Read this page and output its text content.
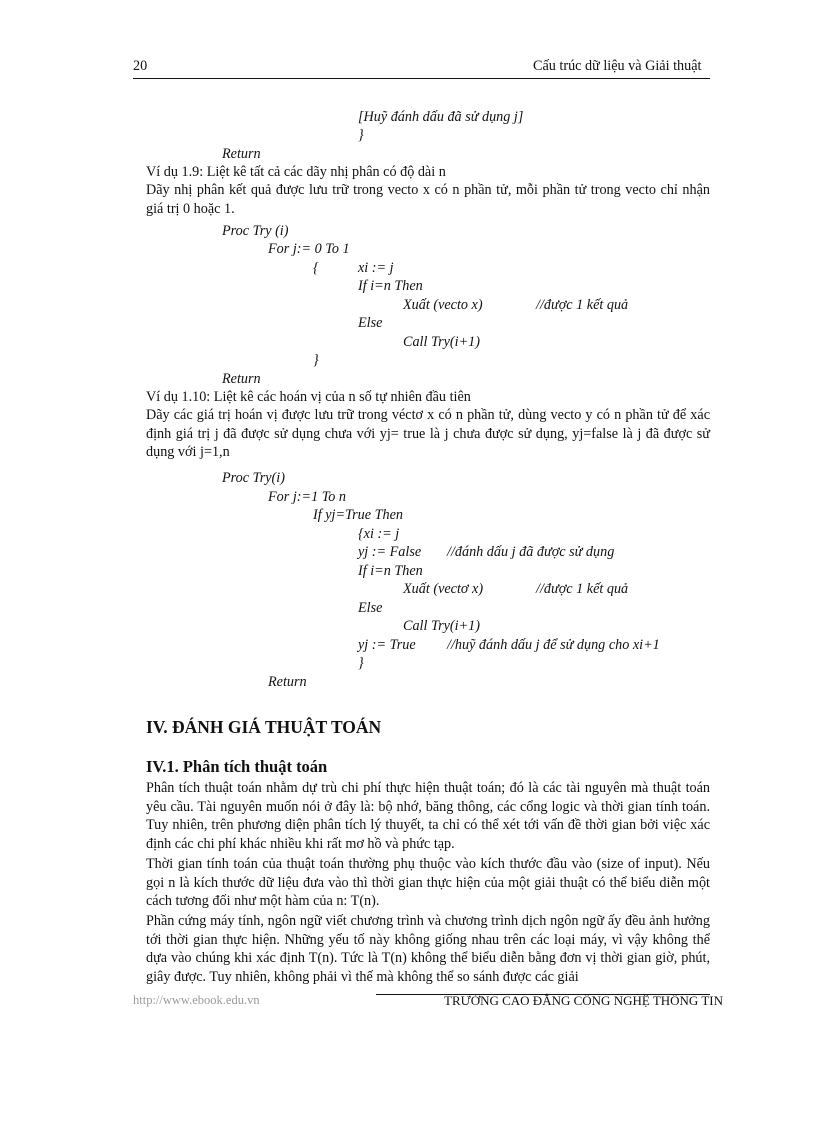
20	Cấu trúc dữ liệu và Giải thuật
[Huỹ đánh dấu đã sử dụng j]
}
Return
Ví dụ 1.9: Liệt kê tất cả các dãy nhị phân có độ dài n
Dãy nhị phân kết quả được lưu trữ trong vecto x có n phần tử, mỗi phần tử trong vecto chỉ nhận giá trị 0 hoặc 1.
Proc Try (i)
For j:= 0 To 1
{	xi := j
If i=n Then
Xuất (vecto x)	//được 1 kết quả
Else
Call Try(i+1)
}
Return
Ví dụ 1.10: Liệt kê các hoán vị của n số tự nhiên đầu tiên
Dãy các giá trị hoán vị được lưu trữ trong véctơ x có n phần tử, dùng vecto y có n phần tử để xác định giá trị j đã được sử dụng chưa với yj= true là j chưa được sử dụng, yj=false là j đã được sử dụng với j=1,n
Proc Try(i)
For j:=1 To n
If yj=True Then
{xi := j
yj := False //đánh dấu j đã được sử dụng
If i=n Then
Xuất (vectơ x)	//được 1 kết quả
Else
Call Try(i+1)
yj := True //huỹ đánh dấu j để sử dụng cho xi+1
}
Return
IV. ĐÁNH GIÁ THUẬT TOÁN
IV.1. Phân tích thuật toán
Phân tích thuật toán nhằm dự trù chi phí thực hiện thuật toán; đó là các tài nguyên mà thuật toán yêu cầu. Tài nguyên muốn nói ở đây là: bộ nhớ, băng thông, các cổng logic và thời gian tính toán. Tuy nhiên, trên phương diện phân tích lý thuyết, ta chỉ có thể xét tới vấn đề thời gian bởi việc xác định các chi phí khác nhiều khi rất mơ hồ và phức tạp.
Thời gian tính toán của thuật toán thường phụ thuộc vào kích thước đầu vào (size of input). Nếu gọi n là kích thước dữ liệu đưa vào thì thời gian thực hiện của một giải thuật có thể biểu diễn một cách tương đối như một hàm của n: T(n).
Phần cứng máy tính, ngôn ngữ viết chương trình và chương trình dịch ngôn ngữ ấy đều ảnh hưởng tới thời gian thực hiện. Những yếu tố này không giống nhau trên các loại máy, vì vậy không thể dựa vào chúng khi xác định T(n). Tức là T(n) không thể biểu diễn bằng đơn vị thời gian giờ, phút, giây được. Tuy nhiên, không phải vì thế mà không thể so sánh được các giải
http://www.ebook.edu.vn	TRƯỜNG CAO ĐẲNG CÔNG NGHỆ THÔNG TIN
